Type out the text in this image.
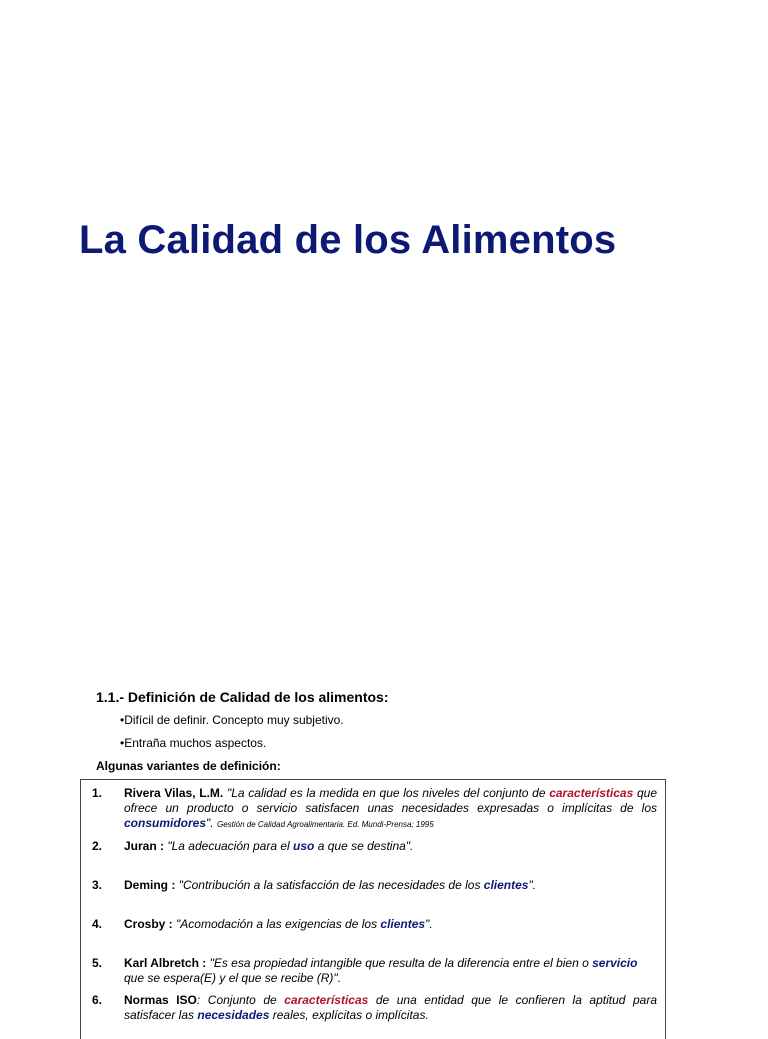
La Calidad de los Alimentos
1.1.- Definición de Calidad de los alimentos:
•Difícil de definir. Concepto muy subjetivo.
•Entraña muchos aspectos.
Algunas variantes de definición:
1. Rivera Vilas, L.M. "La calidad es la medida en que los niveles del conjunto de características que ofrece un producto o servicio satisfacen unas necesidades expresadas o implícitas de los consumidores". Gestión de Calidad Agroalimentaria. Ed. Mundi-Prensa; 1995
2. Juran : "La adecuación para el uso a que se destina".
3. Deming : "Contribución a la satisfacción de las necesidades de los clientes".
4. Crosby : "Acomodación a las exigencias de los clientes".
5. Karl Albretch : "Es esa propiedad intangible que resulta de la diferencia entre el bien o servicio que se espera(E) y el que se recibe (R)".
6. Normas ISO: Conjunto de características de una entidad que le confieren la aptitud para satisfacer las necesidades reales, explícitas o implícitas.
